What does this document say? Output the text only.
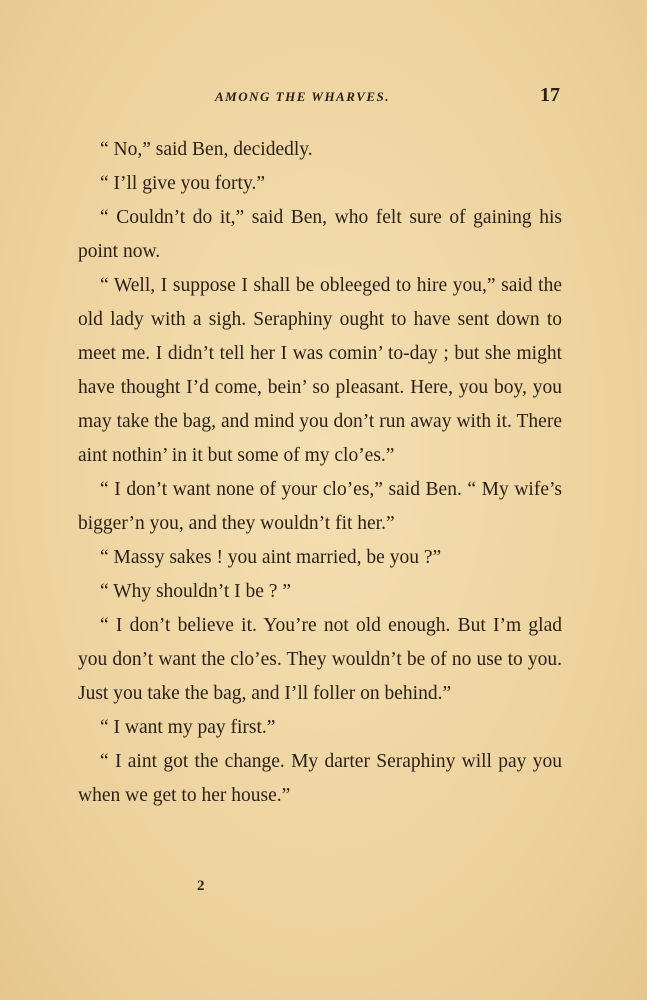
AMONG THE WHARVES.	17

“ No,” said Ben, decidedly.

“ I’ll give you forty.”

“ Couldn’t do it,” said Ben, who felt sure of gaining his point now.

“ Well, I suppose I shall be obleeged to hire you,” said the old lady with a sigh. Seraphiny ought to have sent down to meet me. I didn’t tell her I was comin’ to-day ; but she might have thought I’d come, bein’ so pleasant. Here, you boy, you may take the bag, and mind you don’t run away with it. There aint nothin’ in it but some of my clo’es.”

“ I don’t want none of your clo’es,” said Ben. “ My wife’s bigger’n you, and they wouldn’t fit her.”

“ Massy sakes ! you aint married, be you ?”

“ Why shouldn’t I be ? ”

“ I don’t believe it. You’re not old enough. But I’m glad you don’t want the clo’es. They wouldn’t be of no use to you. Just you take the bag, and I’ll foller on behind.”

“ I want my pay first.”

“ I aint got the change. My darter Seraphiny will pay you when we get to her house.”

2
